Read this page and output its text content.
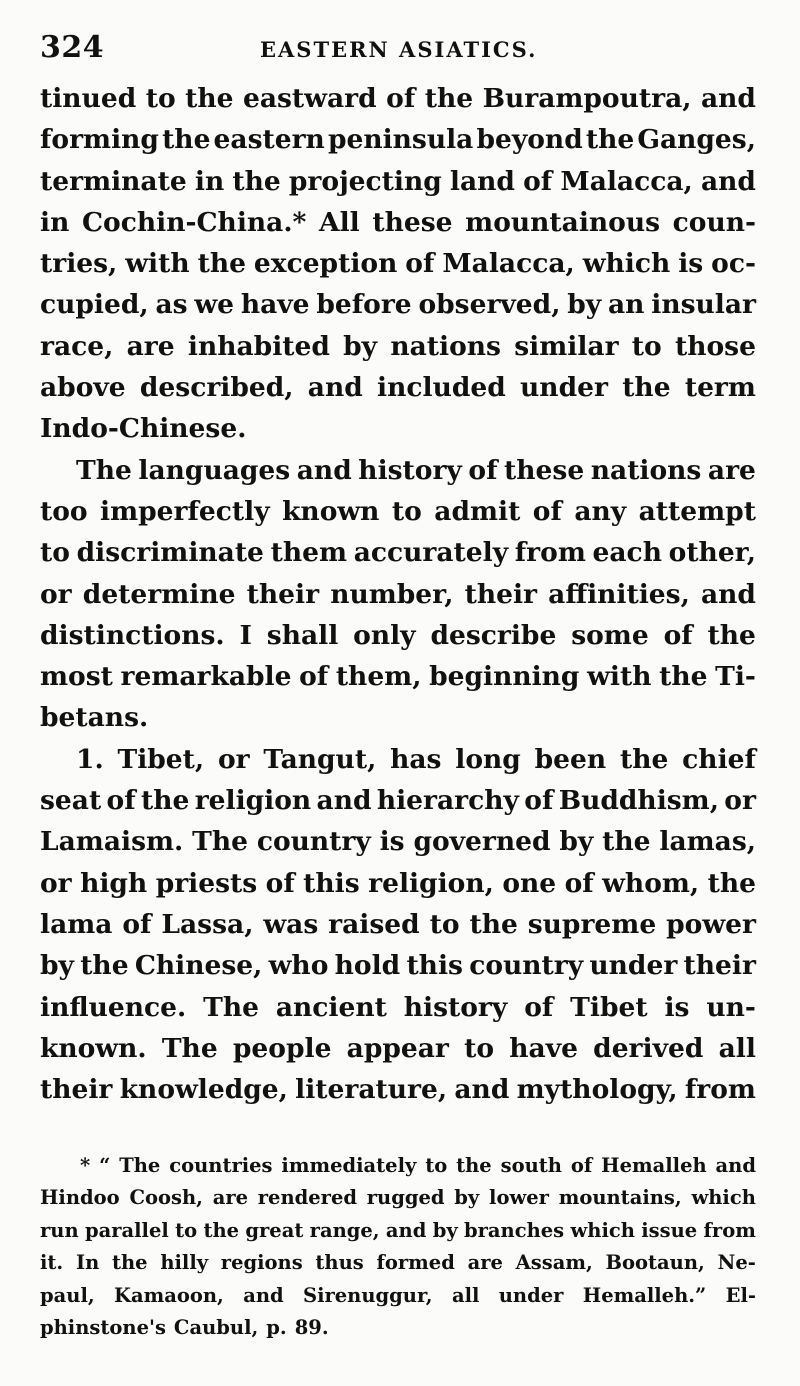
324	EASTERN ASIATICS.
tinued to the eastward of the Burampoutra, and
forming the eastern peninsula beyond the Ganges,
terminate in the projecting land of Malacca, and
in Cochin-China.* All these mountainous coun-
tries, with the exception of Malacca, which is oc-
cupied, as we have before observed, by an insular
race, are inhabited by nations similar to those
above described, and included under the term
Indo-Chinese.
The languages and history of these nations are
too imperfectly known to admit of any attempt
to discriminate them accurately from each other,
or determine their number, their affinities, and
distinctions. I shall only describe some of the
most remarkable of them, beginning with the Ti-
betans.
1. Tibet, or Tangut, has long been the chief
seat of the religion and hierarchy of Buddhism, or
Lamaism. The country is governed by the lamas,
or high priests of this religion, one of whom, the
lama of Lassa, was raised to the supreme power
by the Chinese, who hold this country under their
influence. The ancient history of Tibet is un-
known. The people appear to have derived all
their knowledge, literature, and mythology, from
* “ The countries immediately to the south of Hemalleh and
Hindoo Coosh, are rendered rugged by lower mountains, which
run parallel to the great range, and by branches which issue from
it. In the hilly regions thus formed are Assam, Bootaun, Ne-
paul, Kamaoon, and Sirenuggur, all under Hemalleh.” El-
phinstone's Caubul, p. 89.
